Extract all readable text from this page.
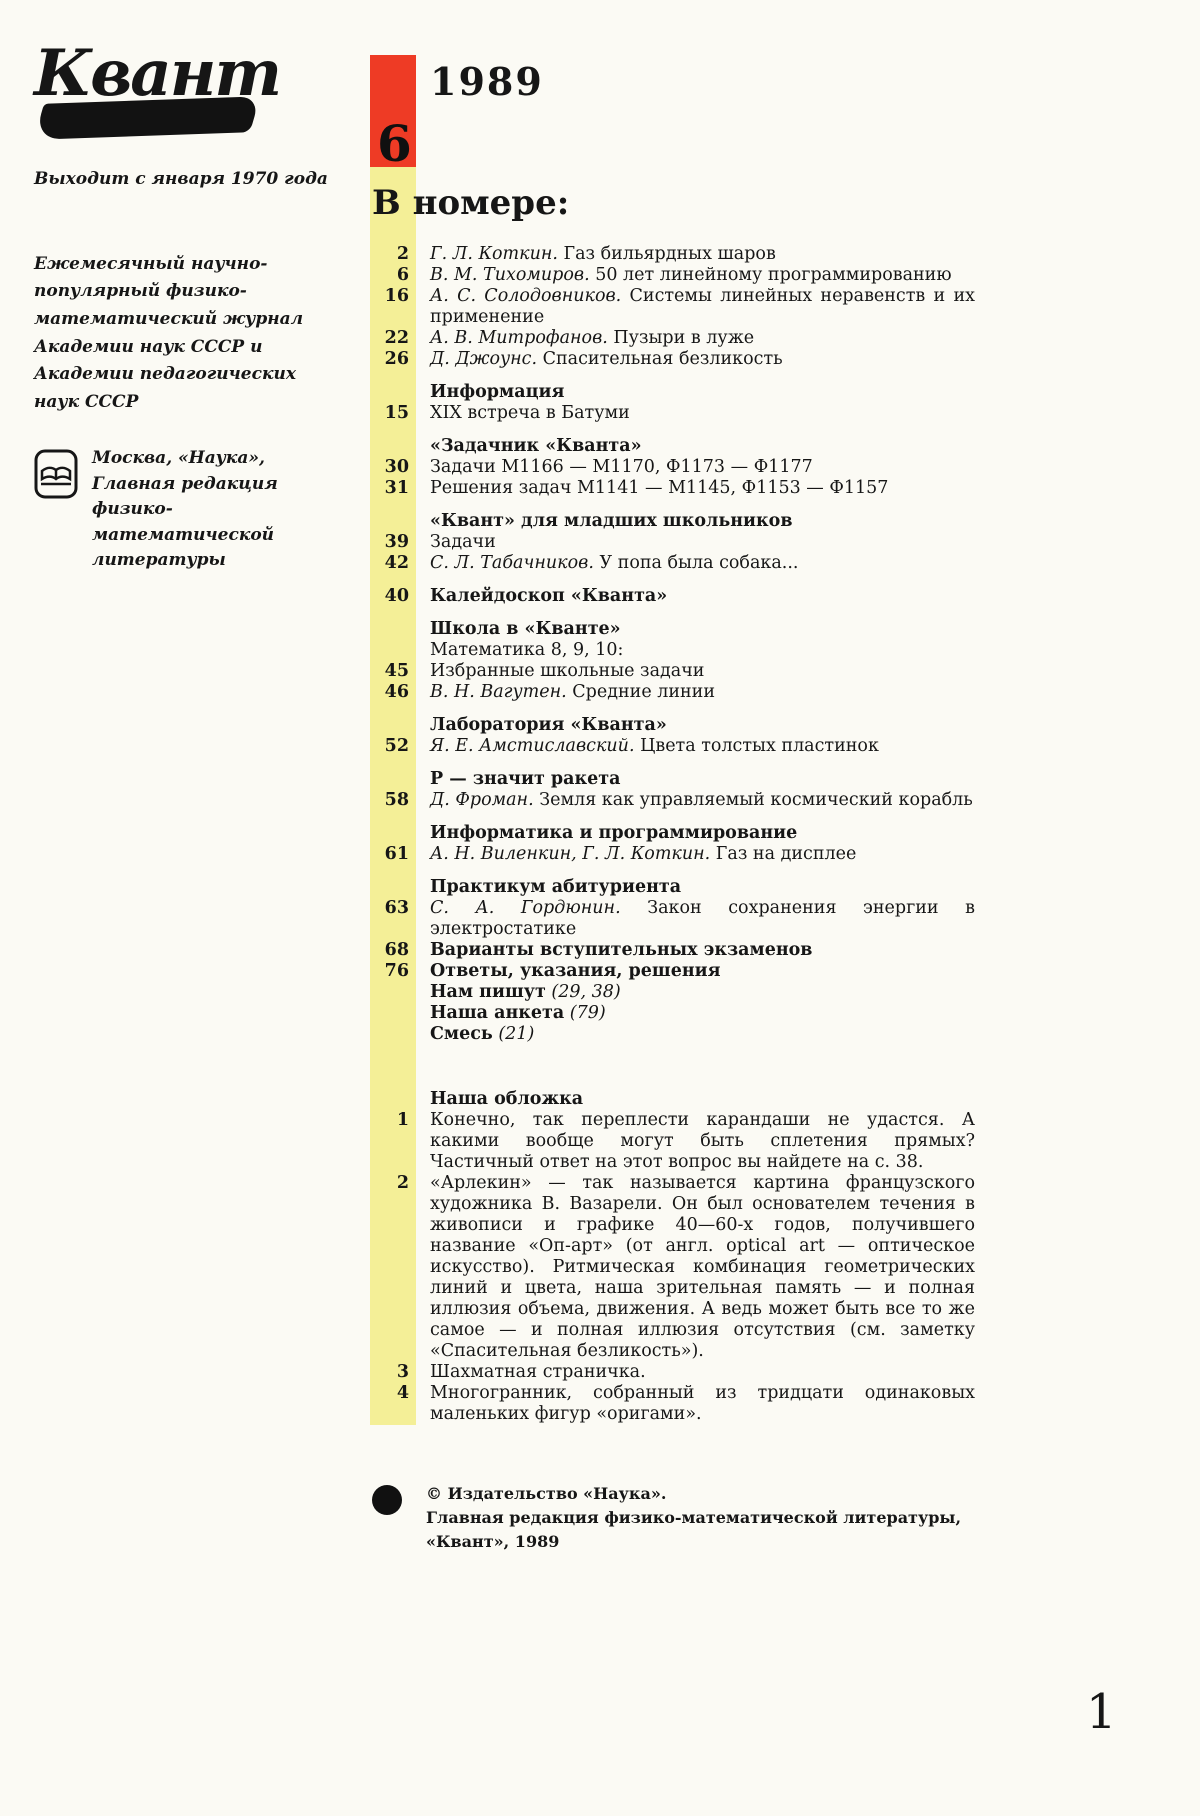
Квант
Выходит с января 1970 года
Ежемесячный научно-популярный физико-математический журнал Академии наук СССР и Академии педагогических наук СССР
Москва, «Наука», Главная редакция физико-математической литературы
6
1989
В номере:
2	Г. Л. Коткин. Газ бильярдных шаров
6	В. М. Тихомиров. 50 лет линейному программированию
16	А. С. Солодовников. Системы линейных неравенств и их применение
22	А. В. Митрофанов. Пузыри в луже
26	Д. Джоунс. Спасительная безликость
Информация
15	XIX встреча в Батуми
«Задачник «Кванта»
30	Задачи М1166 — М1170, Ф1173 — Ф1177
31	Решения задач М1141 — М1145, Ф1153 — Ф1157
«Квант» для младших школьников
39	Задачи
42	С. Л. Табачников. У попа была собака...
40	Калейдоскоп «Кванта»
Школа в «Кванте»
Математика 8, 9, 10:
45	Избранные школьные задачи
46	В. Н. Вагутен. Средние линии
Лаборатория «Кванта»
52	Я. Е. Амстиславский. Цвета толстых пластинок
Р — значит ракета
58	Д. Фроман. Земля как управляемый космический корабль
Информатика и программирование
61	А. Н. Виленкин, Г. Л. Коткин. Газ на дисплее
Практикум абитуриента
63	С. А. Гордюнин. Закон сохранения энергии в электростатике
68	Варианты вступительных экзаменов
76	Ответы, указания, решения
Нам пишут (29, 38)
Наша анкета (79)
Смесь (21)
Наша обложка
1	Конечно, так переплести карандаши не удастся. А какими вообще могут быть сплетения прямых? Частичный ответ на этот вопрос вы найдете на с. 38.
2	«Арлекин» — так называется картина французского художника В. Вазарели. Он был основателем течения в живописи и графике 40—60-х годов, получившего название «Оп-арт» (от англ. optical art — оптическое искусство). Ритмическая комбинация геометрических линий и цвета, наша зрительная память — и полная иллюзия объема, движения. А ведь может быть все то же самое — и полная иллюзия отсутствия (см. заметку «Спасительная безликость»).
3	Шахматная страничка.
4	Многогранник, собранный из тридцати одинаковых маленьких фигур «оригами».
© Издательство «Наука».
Главная редакция физико-математической литературы, «Квант», 1989
1
